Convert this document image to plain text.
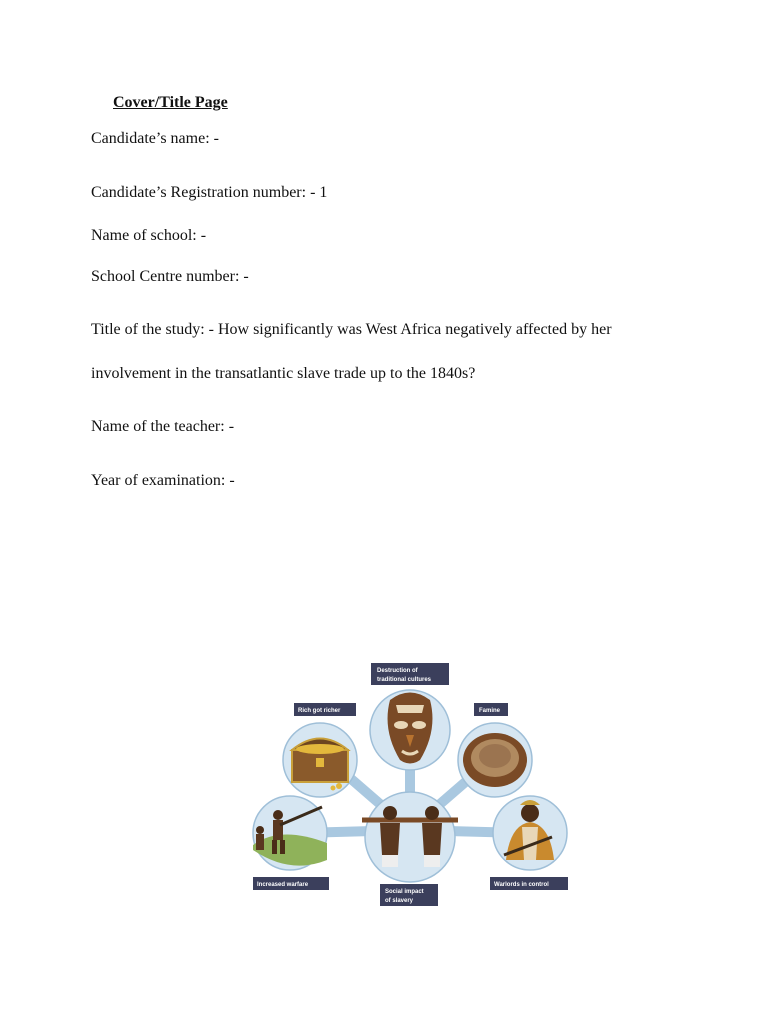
Cover/Title Page

Candidate’s name: -

Candidate’s Registration number: - 1

Name of school: -

School Centre number: -

Title of the study: - How significantly was West Africa negatively affected by her

involvement in the transatlantic slave trade up to the 1840s?

Name of the teacher: -

Year of examination: -

Destruction of
traditional cultures
Rich got richer	Famine
Increased warfare	Warlords in control
Social impact
of slavery
